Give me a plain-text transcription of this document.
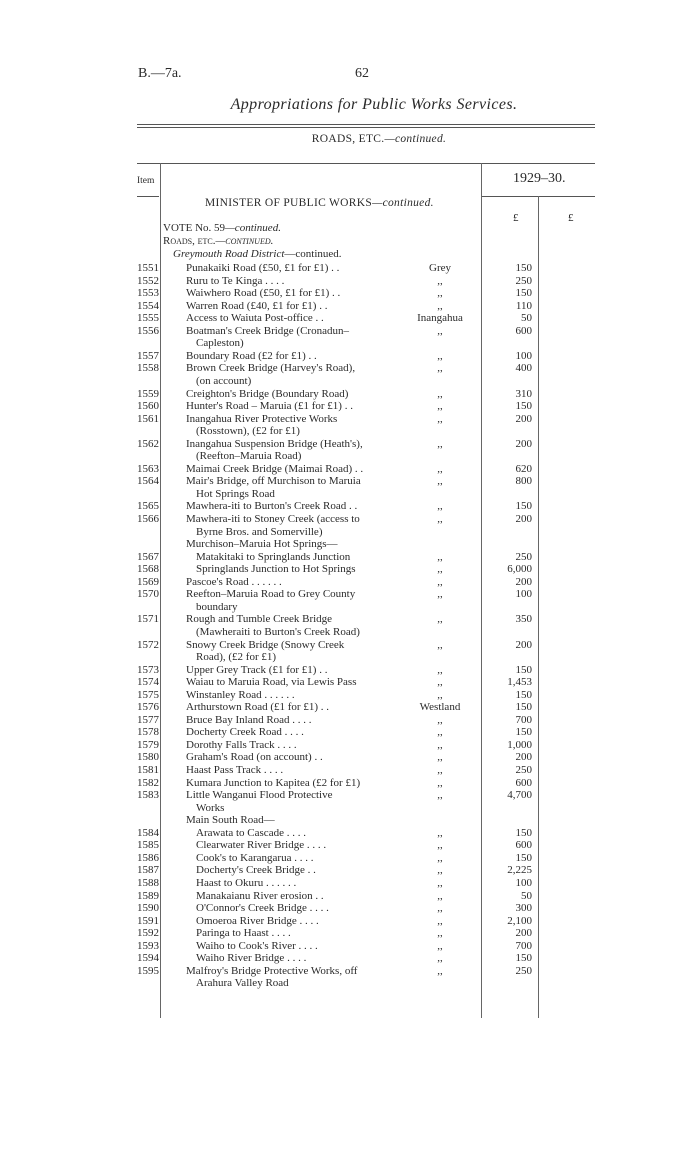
B.—7a.	62
Appropriations for Public Works Services.
ROADS, ETC.—continued.
Item	1929–30.
£	£
MINISTER OF PUBLIC WORKS—continued.
VOTE No. 59—continued.
Roads, etc.—continued.
Greymouth Road District—continued.
1551 Punakaiki Road (£50, £1 for £1) . .	Grey	150
1552 Ruru to Te Kinga . . . .	,,	250
1553 Waiwhero Road (£50, £1 for £1) . .	,,	150
1554 Warren Road (£40, £1 for £1) . .	,,	110
1555 Access to Waiuta Post-office . .	Inangahua	50
1556 Boatman's Creek Bridge (Cronadun–
Capleston)
,,	600
1557 Boundary Road (£2 for £1) . .	,,	100
1558 Brown Creek Bridge (Harvey's Road),
(on account)
,,	400
1559 Creighton's Bridge (Boundary Road)	,,	310
1560 Hunter's Road – Maruia (£1 for £1) . .	,,	150
1561 Inangahua River Protective Works
(Rosstown), (£2 for £1)
,,	200
1562 Inangahua Suspension Bridge (Heath's),
(Reefton–Maruia Road)
,,	200
1563 Maimai Creek Bridge (Maimai Road) . .	,,	620
1564 Mair's Bridge, off Murchison to Maruia
Hot Springs Road
,,	800
1565 Mawhera-iti to Burton's Creek Road . .	,,	150
1566 Mawhera-iti to Stoney Creek (access to
Byrne Bros. and Somerville)
,,	200
Murchison–Maruia Hot Springs—
1567	Matakitaki to Springlands Junction	,,	250
1568	Springlands Junction to Hot Springs	,,	6,000
1569 Pascoe's Road . . . . . .	,,	200
1570 Reefton–Maruia Road to Grey County
boundary
,,	100
1571 Rough and Tumble Creek Bridge
(Mawheraiti to Burton's Creek Road)
,,	350
1572 Snowy Creek Bridge (Snowy Creek
Road), (£2 for £1)
,,	200
1573 Upper Grey Track (£1 for £1) . .	,,	150
1574 Waiau to Maruia Road, via Lewis Pass	,,	1,453
1575 Winstanley Road . . . . . .	,,	150
1576 Arthurstown Road (£1 for £1) . .	Westland	150
1577 Bruce Bay Inland Road . . . .	,,	700
1578 Docherty Creek Road . . . .	,,	150
1579 Dorothy Falls Track . . . .	,,	1,000
1580 Graham's Road (on account) . .	,,	200
1581 Haast Pass Track . . . .	,,	250
1582 Kumara Junction to Kapitea (£2 for £1)	,,	600
1583 Little Wanganui Flood Protective
Works
,,	4,700
Main South Road—
1584	Arawata to Cascade . . . .	,,	150
1585	Clearwater River Bridge . . . .	,,	600
1586	Cook's to Karangarua . . . .	,,	150
1587	Docherty's Creek Bridge . .	,,	2,225
1588	Haast to Okuru . . . . . .	,,	100
1589	Manakaianu River erosion . .	,,	50
1590	O'Connor's Creek Bridge . . . .	,,	300
1591	Omoeroa River Bridge . . . .	,,	2,100
1592	Paringa to Haast . . . .	,,	200
1593	Waiho to Cook's River . . . .	,,	700
1594	Waiho River Bridge . . . .	,,	150
1595 Malfroy's Bridge Protective Works, off
Arahura Valley Road
,,	250
